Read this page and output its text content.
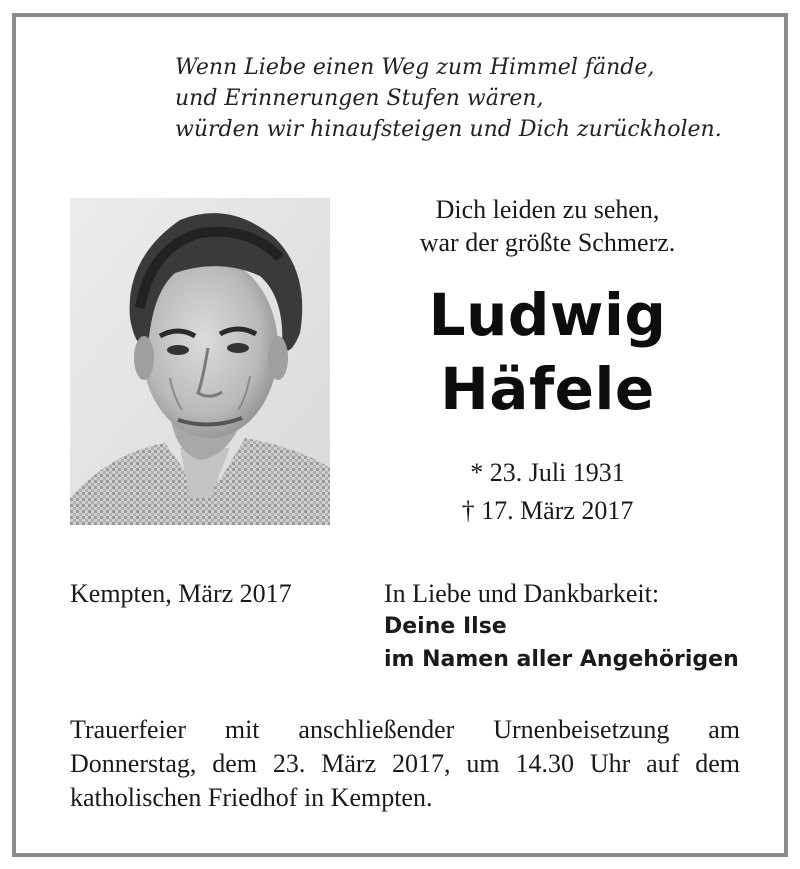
Wenn Liebe einen Weg zum Himmel fände,
und Erinnerungen Stufen wären,
würden wir hinaufsteigen und Dich zurückholen.
Dich leiden zu sehen,
war der größte Schmerz.
Ludwig
Häfele
* 23. Juli 1931
† 17. März 2017
Kempten, März 2017	In Liebe und Dankbarkeit:
Deine Ilse
im Namen aller Angehörigen
Trauerfeier mit anschließender Urnenbeisetzung am
Donnerstag, dem 23. März 2017, um 14.30 Uhr auf dem
katholischen Friedhof in Kempten.
